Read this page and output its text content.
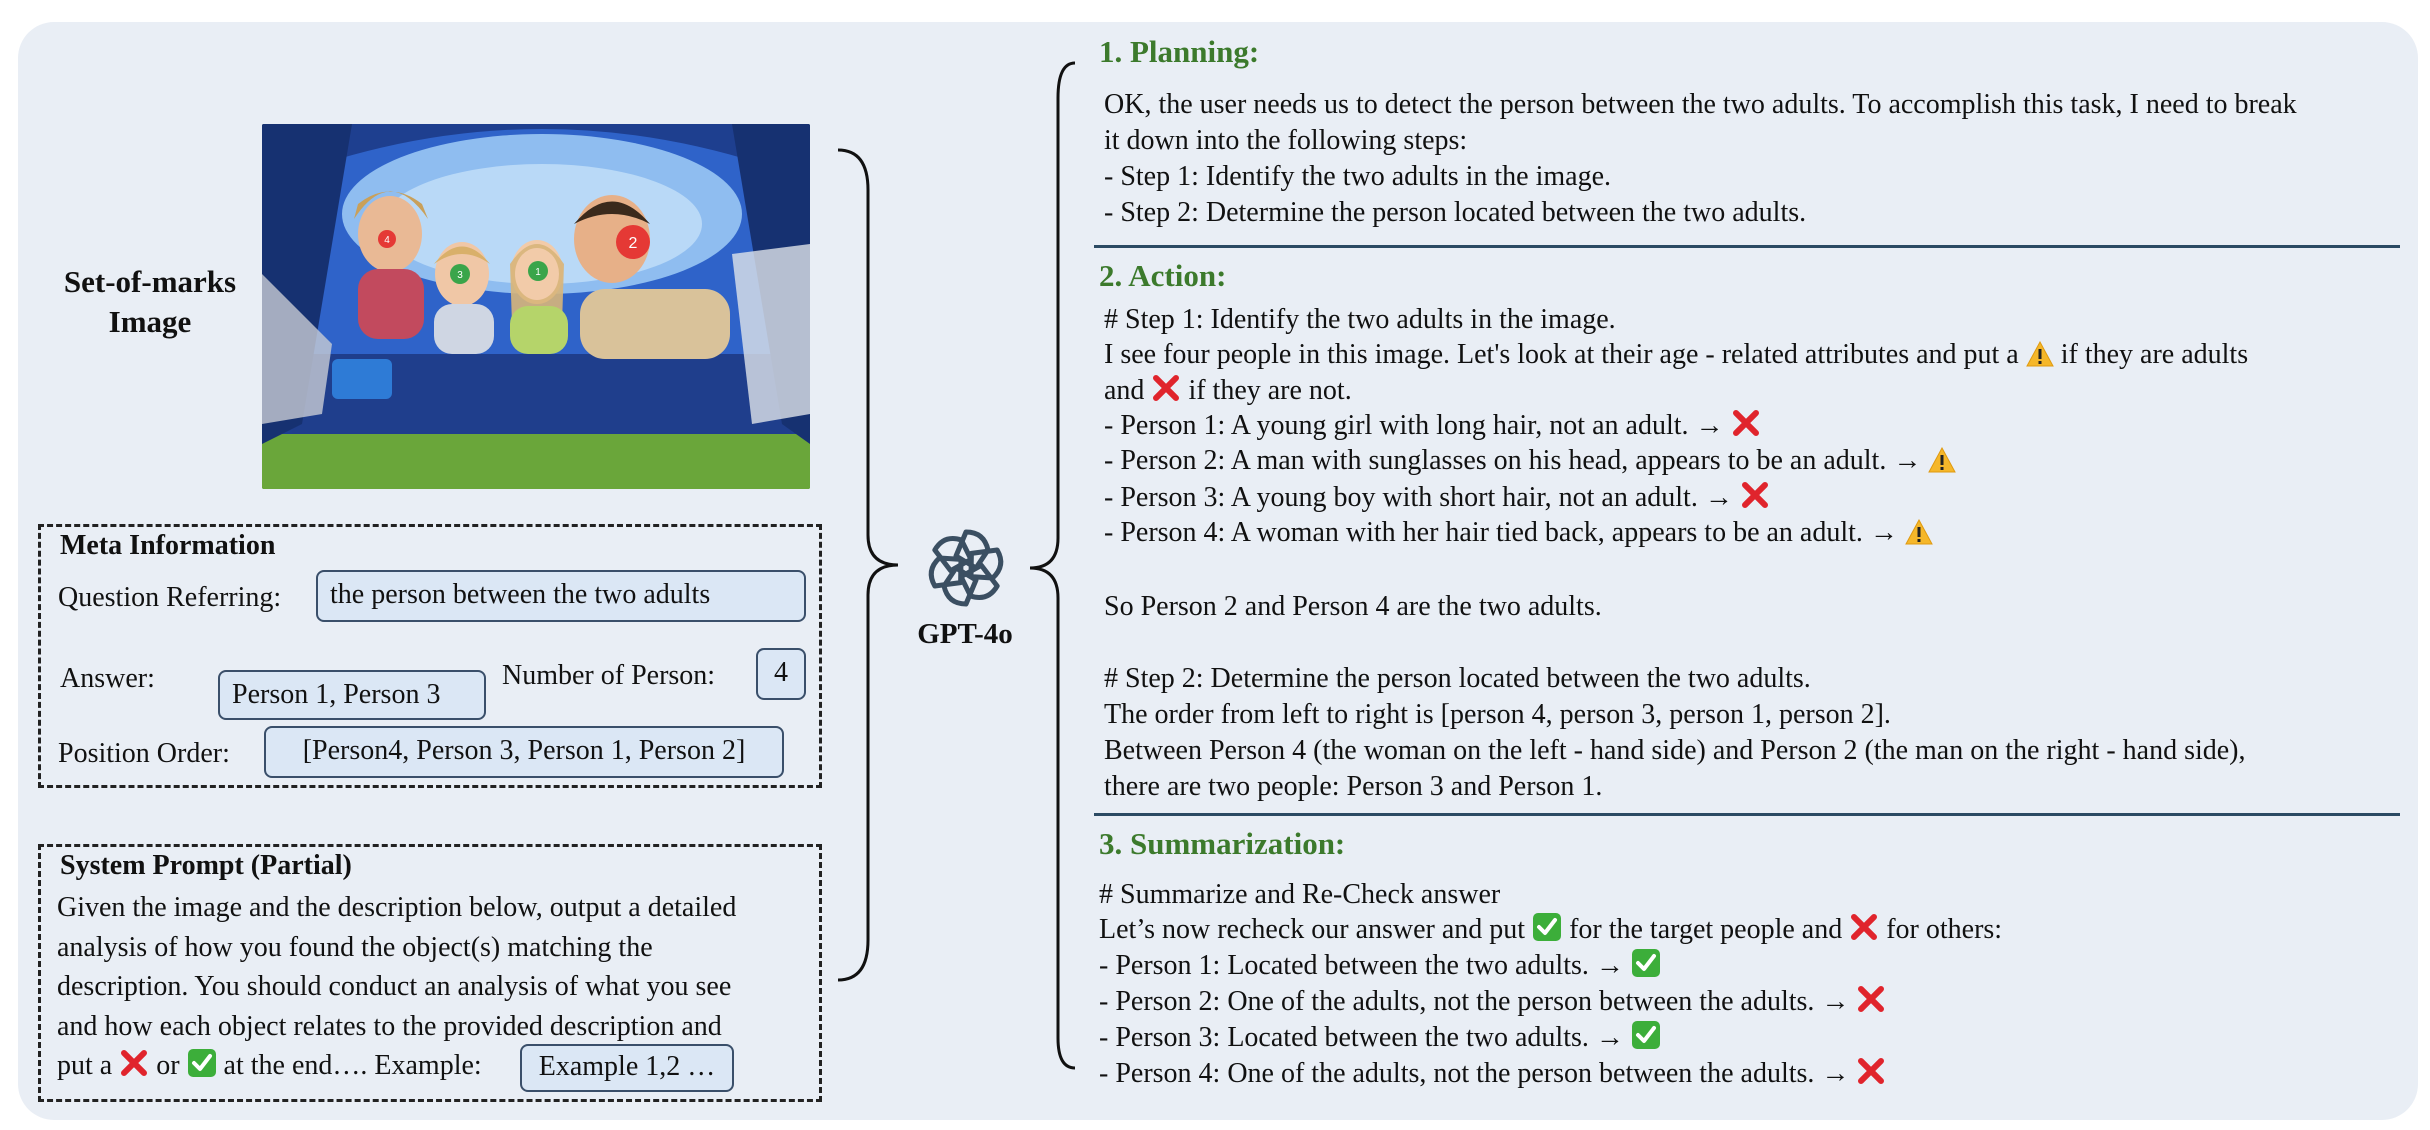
Set-of-marks
Image
4
3	1
2
Meta Information
Question Referring:	the person between the two adults
Answer:
Person 1, Person 3
Number of Person:	4
Position Order:	[Person4, Person 3, Person 1, Person 2]
System Prompt (Partial)
Given the image and the description below, output a detailed
analysis of how you found the object(s) matching the
description. You should conduct an analysis of what you see
and how each object relates to the provided description and
put a or at the end…. Example:	Example 1,2 …
GPT-4o
1. Planning:
OK, the user needs us to detect the person between the two adults. To accomplish this task, I need to break
it down into the following steps:
- Step 1: Identify the two adults in the image.
- Step 2: Determine the person located between the two adults.
2. Action:
# Step 1: Identify the two adults in the image.
I see four people in this image. Let's look at their age - related attributes and put a if they are adults
and if they are not.
- Person 1: A young girl with long hair, not an adult. →
- Person 2: A man with sunglasses on his head, appears to be an adult. →
- Person 3: A young boy with short hair, not an adult. →
- Person 4: A woman with her hair tied back, appears to be an adult. →
So Person 2 and Person 4 are the two adults.
# Step 2: Determine the person located between the two adults.
The order from left to right is [person 4, person 3, person 1, person 2].
Between Person 4 (the woman on the left - hand side) and Person 2 (the man on the right - hand side),
there are two people: Person 3 and Person 1.
3. Summarization:
# Summarize and Re-Check answer
Let’s now recheck our answer and put for the target people and for others:
- Person 1: Located between the two adults. →
- Person 2: One of the adults, not the person between the adults. →
- Person 3: Located between the two adults. →
- Person 4: One of the adults, not the person between the adults. →
